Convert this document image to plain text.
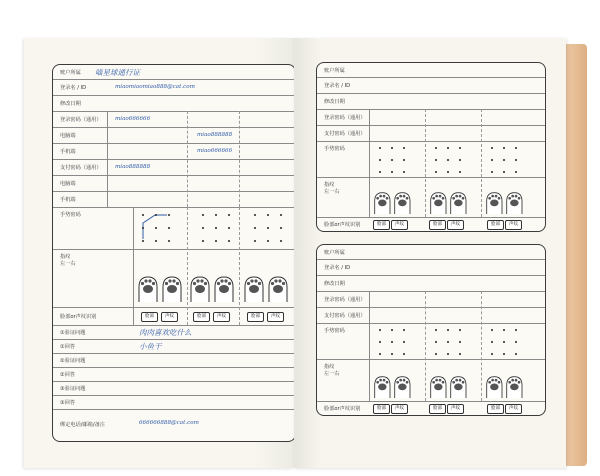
账户所属 喵星球通行证
登录名 / ID	miaomiaomiao888@cat.com
修改日期
登录密码（通用） miao666666
电脑端	miao888888
手机端	miao666666
支付密码（通用） miao888888
电脑端
手机端
手势密码
指纹
左一右
脸部or声纹识别	脸部	声纹	脸部	声纹	脸部	声纹
①验证问题	肉肉喜欢吃什么
①回答	小鱼干
②验证问题
②回答
③验证问题
③回答
绑定电话/邮箱/备注	666666888@cat.com
账户所属
登录名 / ID
修改日期
登录密码（通用）
支付密码（通用）
手势密码
指纹
左一右
脸部or声纹识别	脸部	声纹	脸部	声纹	脸部	声纹
账户所属
登录名 / ID
修改日期
登录密码（通用）
支付密码（通用）
手势密码
指纹
左一右
脸部or声纹识别	脸部	声纹	脸部	声纹	脸部	声纹
